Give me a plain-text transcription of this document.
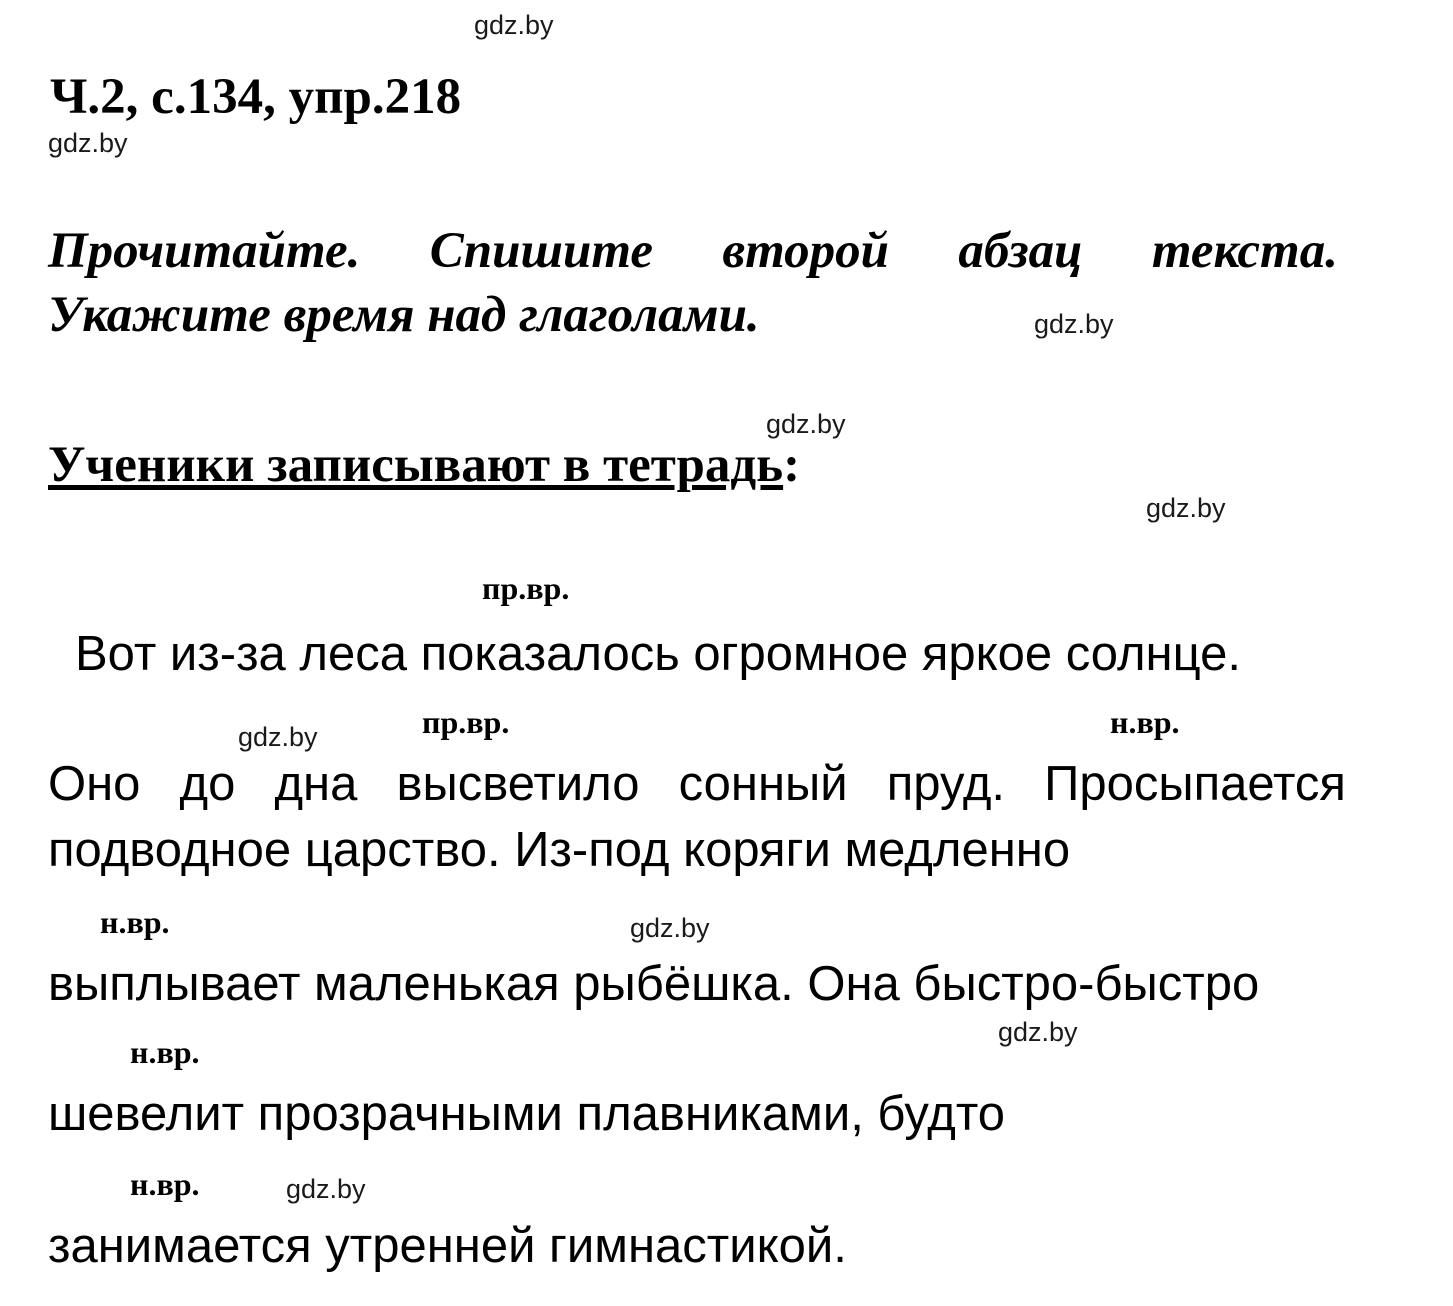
gdz.by
gdz.by
gdz.by
gdz.by
gdz.by
gdz.by
gdz.by
gdz.by
gdz.by
Ч.2, с.134, упр.218
Прочитайте. Спишите второй абзац текста.
Укажите время над глаголами.
Ученики записывают в тетрадь:
пр.вр.
пр.вр.	н.вр.
н.вр.
н.вр.
н.вр.
Вот из-за леса показалось огромное яркое солнце.
Оно до дна высветило сонный пруд. Просыпается
подводное царство. Из-под коряги медленно
выплывает маленькая рыбёшка. Она быстро-быстро
шевелит прозрачными плавниками, будто
занимается утренней гимнастикой.
